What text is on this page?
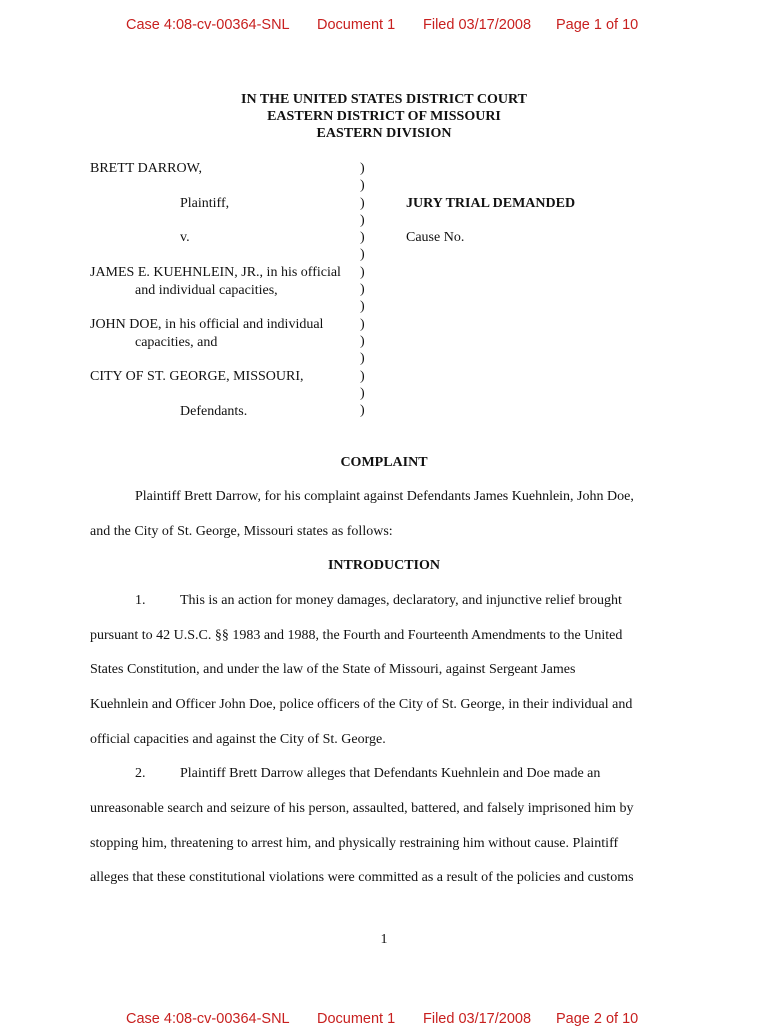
Case 4:08-cv-00364-SNL Document 1 Filed 03/17/2008 Page 1 of 10
IN THE UNITED STATES DISTRICT COURT
EASTERN DISTRICT OF MISSOURI
EASTERN DIVISION
BRETT DARROW,
Plaintiff,
v.
JAMES E. KUEHNLEIN, JR., in his official
and individual capacities,
JOHN DOE, in his official and individual
capacities, and
CITY OF ST. GEORGE, MISSOURI,
Defendants.
)
)
)
)
)
)
)
)
)
)
)
)
)
)
)
JURY TRIAL DEMANDED
Cause No.
COMPLAINT
Plaintiff Brett Darrow, for his complaint against Defendants James Kuehnlein, John Doe,
and the City of St. George, Missouri states as follows:
INTRODUCTION
1. This is an action for money damages, declaratory, and injunctive relief brought
pursuant to 42 U.S.C. §§ 1983 and 1988, the Fourth and Fourteenth Amendments to the United
States Constitution, and under the law of the State of Missouri, against Sergeant James
Kuehnlein and Officer John Doe, police officers of the City of St. George, in their individual and
official capacities and against the City of St. George.
2. Plaintiff Brett Darrow alleges that Defendants Kuehnlein and Doe made an
unreasonable search and seizure of his person, assaulted, battered, and falsely imprisoned him by
stopping him, threatening to arrest him, and physically restraining him without cause. Plaintiff
alleges that these constitutional violations were committed as a result of the policies and customs
1
Case 4:08-cv-00364-SNL Document 1 Filed 03/17/2008 Page 2 of 10
